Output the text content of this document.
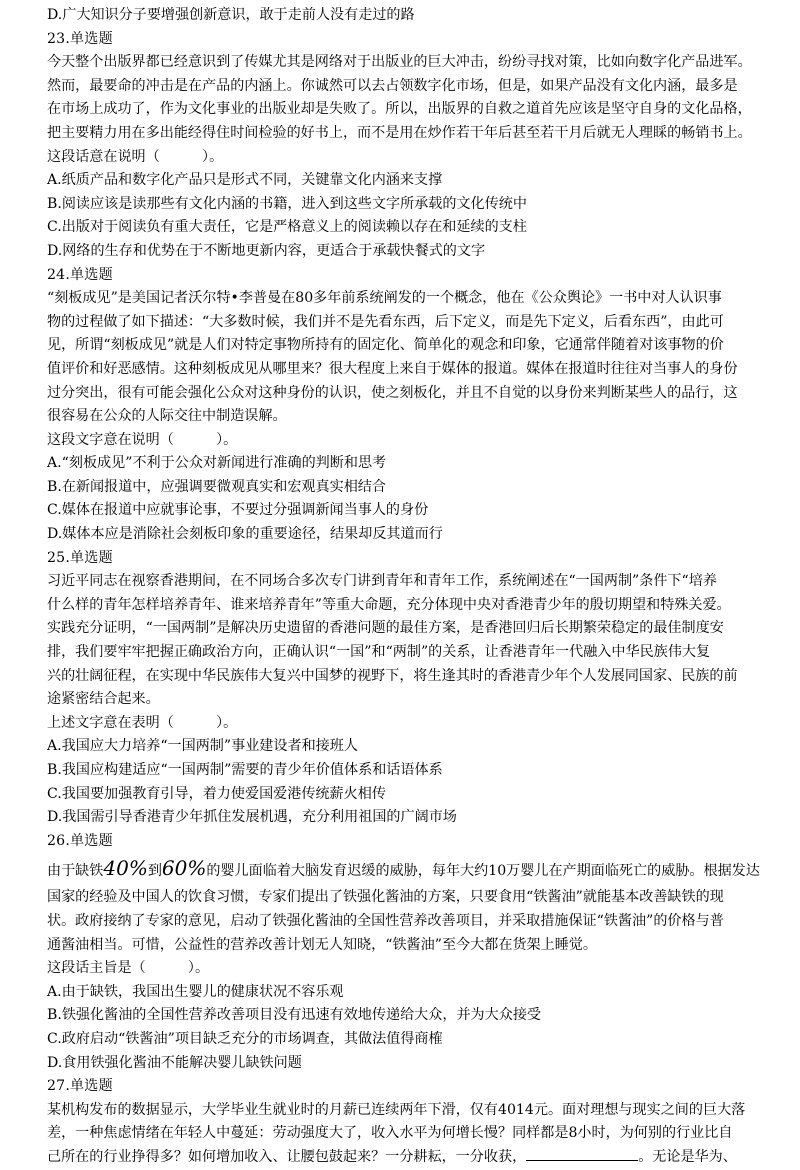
D.广大知识分子要增强创新意识，敢于走前人没有走过的路
23.单选题
今天整个出版界都已经意识到了传媒尤其是网络对于出版业的巨大冲击，纷纷寻找对策，比如向数字化产品进军。
然而，最要命的冲击是在产品的内涵上。你诚然可以去占领数字化市场，但是，如果产品没有文化内涵，最多是
在市场上成功了，作为文化事业的出版业却是失败了。所以，出版界的自救之道首先应该是坚守自身的文化品格，
把主要精力用在多出能经得住时间检验的好书上，而不是用在炒作若干年后甚至若干月后就无人理睬的畅销书上。
这段话意在说明（　　　）。
A.纸质产品和数字化产品只是形式不同，关键靠文化内涵来支撑
B.阅读应该是读那些有文化内涵的书籍，进入到这些文字所承载的文化传统中
C.出版对于阅读负有重大责任，它是严格意义上的阅读赖以存在和延续的支柱
D.网络的生存和优势在于不断地更新内容，更适合于承载快餐式的文字
24.单选题
“刻板成见”是美国记者沃尔特•李普曼在80多年前系统阐发的一个概念，他在《公众舆论》一书中对人认识事
物的过程做了如下描述：“大多数时候，我们并不是先看东西，后下定义，而是先下定义，后看东西”，由此可
见，所谓“刻板成见”就是人们对特定事物所持有的固定化、简单化的观念和印象，它通常伴随着对该事物的价
值评价和好恶感情。这种刻板成见从哪里来？很大程度上来自于媒体的报道。媒体在报道时往往对当事人的身份
过分突出，很有可能会强化公众对这种身份的认识，使之刻板化，并且不自觉的以身份来判断某些人的品行，这
很容易在公众的人际交往中制造误解。
这段文字意在说明（　　　）。
A.“刻板成见”不利于公众对新闻进行准确的判断和思考
B.在新闻报道中，应强调要微观真实和宏观真实相结合
C.媒体在报道中应就事论事，不要过分强调新闻当事人的身份
D.媒体本应是消除社会刻板印象的重要途径，结果却反其道而行
25.单选题
习近平同志在视察香港期间，在不同场合多次专门讲到青年和青年工作，系统阐述在“一国两制”条件下“培养
什么样的青年怎样培养青年、谁来培养青年”等重大命题，充分体现中央对香港青少年的殷切期望和特殊关爱。
实践充分证明，“一国两制”是解决历史遗留的香港问题的最佳方案，是香港回归后长期繁荣稳定的最佳制度安
排，我们要牢牢把握正确政治方向，正确认识“一国”和“两制”的关系，让香港青年一代融入中华民族伟大复
兴的壮阔征程，在实现中华民族伟大复兴中国梦的视野下，将生逢其时的香港青少年个人发展同国家、民族的前
途紧密结合起来。
上述文字意在表明（　　　）。
A.我国应大力培养“一国两制”事业建设者和接班人
B.我国应构建适应“一国两制”需要的青少年价值体系和话语体系
C.我国要加强教育引导，着力使爱国爱港传统薪火相传
D.我国需引导香港青少年抓住发展机遇，充分利用祖国的广阔市场
26.单选题
由于缺铁40%到60%的婴儿面临着大脑发育迟缓的威胁，每年大约10万婴儿在产期面临死亡的威胁。根据发达
国家的经验及中国人的饮食习惯，专家们提出了铁强化酱油的方案，只要食用“铁酱油”就能基本改善缺铁的现
状。政府接纳了专家的意见，启动了铁强化酱油的全国性营养改善项目，并采取措施保证“铁酱油”的价格与普
通酱油相当。可惜，公益性的营养改善计划无人知晓，“铁酱油”至今大都在货架上睡觉。
这段话主旨是（　　　）。
A.由于缺铁，我国出生婴儿的健康状况不容乐观
B.铁强化酱油的全国性营养改善项目没有迅速有效地传递给大众，并为大众接受
C.政府启动“铁酱油”项目缺乏充分的市场调查，其做法值得商榷
D.食用铁强化酱油不能解决婴儿缺铁问题
27.单选题
某机构发布的数据显示，大学毕业生就业时的月薪已连续两年下滑，仅有4014元。面对理想与现实之间的巨大落
差，一种焦虑情绪在年轻人中蔓延：劳动强度大了，收入水平为何增长慢？同样都是8小时，为何别的行业比自
己所在的行业挣得多？如何增加收入、让腰包鼓起来？一分耕耘，一分收获，	。无论是华为、
